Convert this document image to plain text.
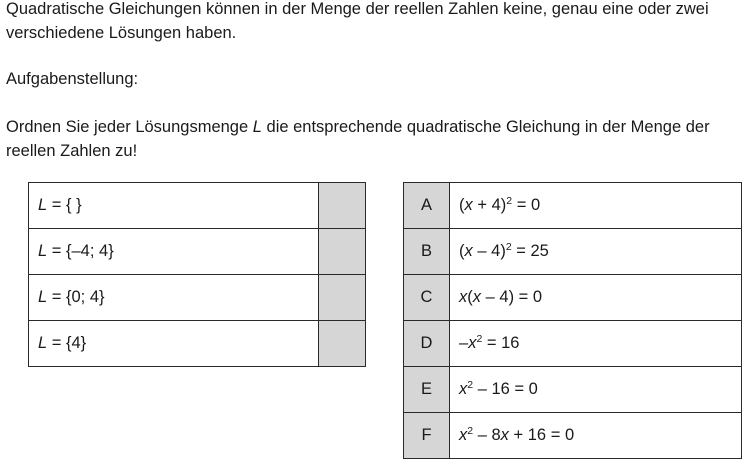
Quadratische Gleichungen können in der Menge der reellen Zahlen keine, genau eine oder zwei verschiedene Lösungen haben.

Aufgabenstellung:

Ordnen Sie jeder Lösungsmenge L die entsprechende quadratische Gleichung in der Menge der reellen Zahlen zu!

L = { }	
L = {–4; 4}	
L = {0; 4}	
L = {4}	
A	$(x + 4)^2 = 0$
B	(x – 4)$^2$ = 25
C	x(x – 4) = 0
D	$-x^2 = 16$
E	$x^2 - 16 = 0$
F	$x^2 - 8x + 16 = 0$
